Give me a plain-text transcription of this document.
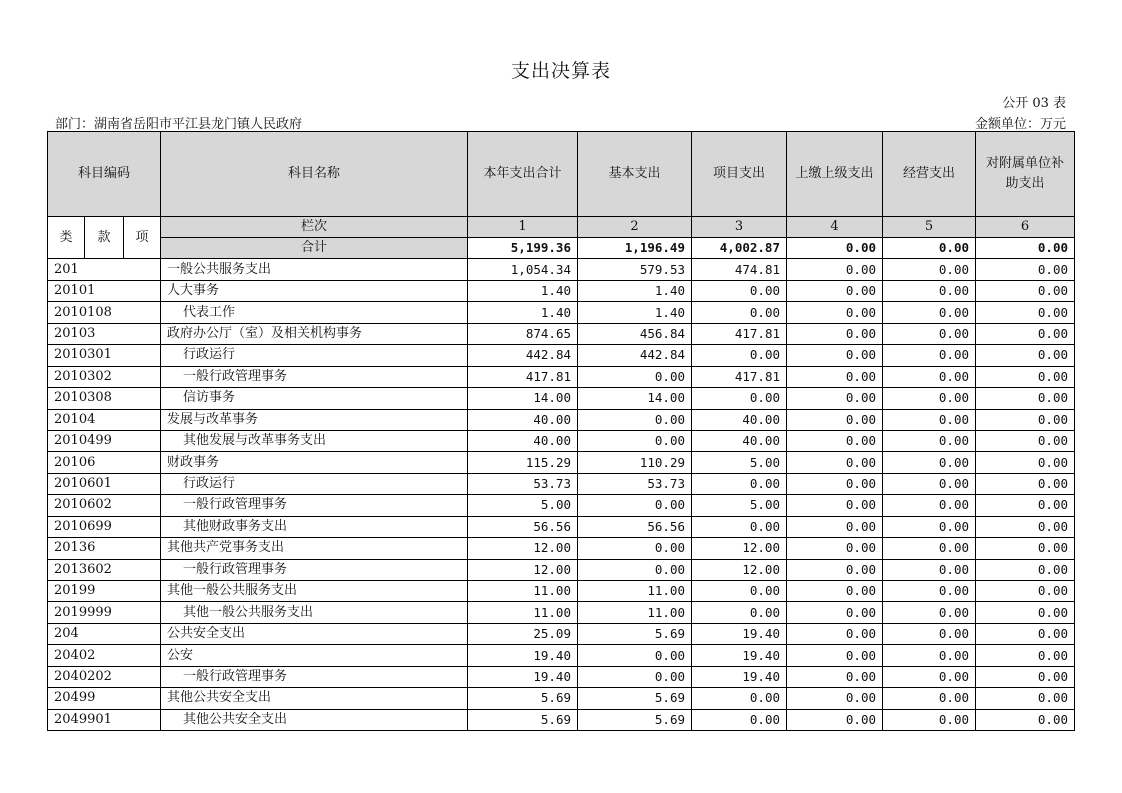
支出决算表
公开 03 表
部门：湖南省岳阳市平江县龙门镇人民政府	金额单位：万元
科目编码			科目名称	本年支出合计	基本支出	项目支出	上缴上级支出	经营支出	对附属单位补助支出
类	款	项	栏次	1	2	3	4	5	6
			合计	5,199.36	1,196.49	4,002.87	0.00	0.00	0.00
201			一般公共服务支出	1,054.34	579.53	474.81	0.00	0.00	0.00
20101			人大事务	1.40	1.40	0.00	0.00	0.00	0.00
2010108			代表工作	1.40	1.40	0.00	0.00	0.00	0.00
20103			政府办公厅（室）及相关机构事务	874.65	456.84	417.81	0.00	0.00	0.00
2010301			行政运行	442.84	442.84	0.00	0.00	0.00	0.00
2010302			一般行政管理事务	417.81	0.00	417.81	0.00	0.00	0.00
2010308			信访事务	14.00	14.00	0.00	0.00	0.00	0.00
20104			发展与改革事务	40.00	0.00	40.00	0.00	0.00	0.00
2010499			其他发展与改革事务支出	40.00	0.00	40.00	0.00	0.00	0.00
20106			财政事务	115.29	110.29	5.00	0.00	0.00	0.00
2010601			行政运行	53.73	53.73	0.00	0.00	0.00	0.00
2010602			一般行政管理事务	5.00	0.00	5.00	0.00	0.00	0.00
2010699			其他财政事务支出	56.56	56.56	0.00	0.00	0.00	0.00
20136			其他共产党事务支出	12.00	0.00	12.00	0.00	0.00	0.00
2013602			一般行政管理事务	12.00	0.00	12.00	0.00	0.00	0.00
20199			其他一般公共服务支出	11.00	11.00	0.00	0.00	0.00	0.00
2019999			其他一般公共服务支出	11.00	11.00	0.00	0.00	0.00	0.00
204			公共安全支出	25.09	5.69	19.40	0.00	0.00	0.00
20402			公安	19.40	0.00	19.40	0.00	0.00	0.00
2040202			一般行政管理事务	19.40	0.00	19.40	0.00	0.00	0.00
20499			其他公共安全支出	5.69	5.69	0.00	0.00	0.00	0.00
2049901			其他公共安全支出	5.69	5.69	0.00	0.00	0.00	0.00
